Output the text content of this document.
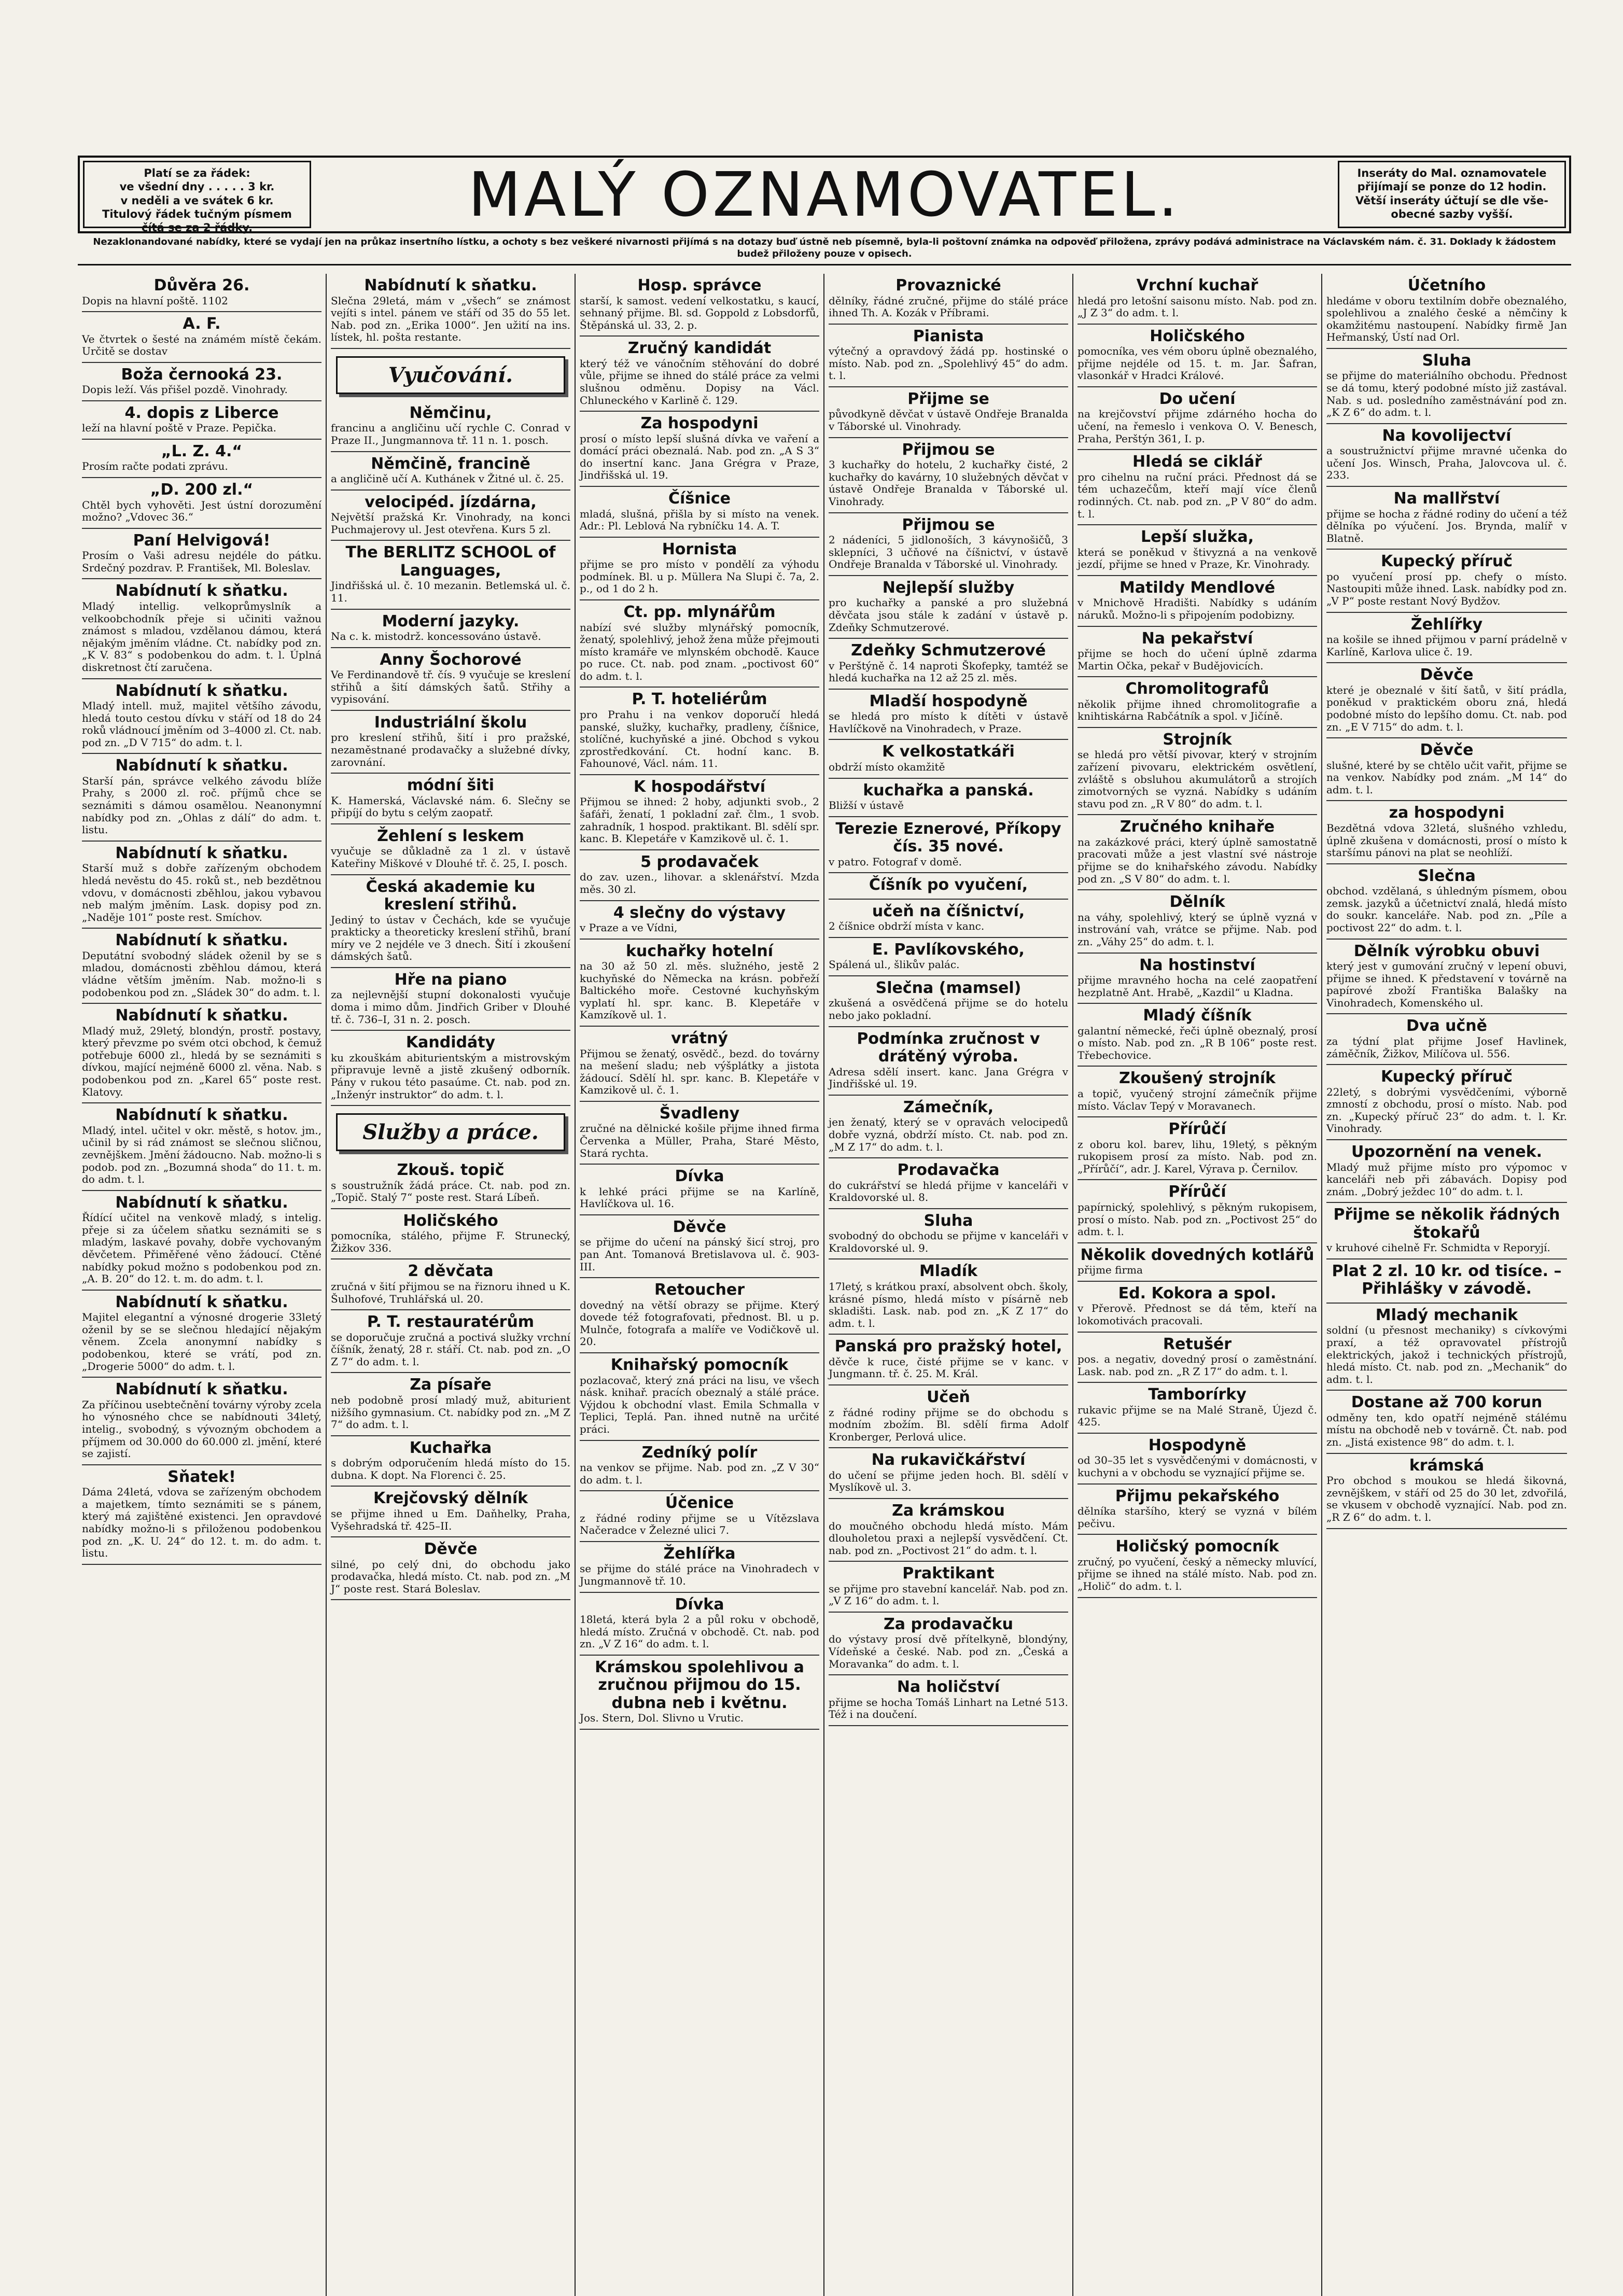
Platí se za řádek:
ve všední dny . . . . . 3 kr.
v neděli a ve svátek 6 kr.
Titulový řádek tučným písmem
čítá se za 2 řádky.	MALÝ OZNAMOVATEL.	Inseráty do Mal. oznamovatele
přijímají se ponze do 12 hodin.
Větší inseráty účtují se dle vše-
obecné sazby vyšší.
Nezaklonandované nabídky, které se vydají jen na průkaz insertního lístku, a ochoty s bez veškeré nivarnosti přijímá s na dotazy buď ústně neb písemně, byla-li poštovní známka na odpověď přiložena, zprávy podává administrace na Václavském nám. č. 31. Doklady k žádostem budež přiloženy pouze v opisech.
Důvěra 26.
Dopis na hlavní poště. 1102
A. F.
Ve čtvrtek o šesté na známém místě čekám. Určitě se dostav
Boža černooká 23.
Dopis leží. Vás přišel pozdě. Vinohrady.
4. dopis z Liberce
leží na hlavní poště v Praze. Pepička.
„L. Z. 4.“
Prosím račte podati zprávu.
„D. 200 zl.“
Chtěl bych vyhověti. Jest ústní dorozumění možno? „Vdovec 36.“
Paní Helvigová!
Prosím o Vaši adresu nejdéle do pátku. Srdečný pozdrav. P. František, Ml. Boleslav.
Nabídnutí k sňatku.
Mladý intellig. velkoprůmyslník a velkoobchodník přeje si učiniti važnou známost s mladou, vzdělanou dámou, která nějakým jměním vládne. Ct. nabídky pod zn. „K V. 83“ s podobenkou do adm. t. l. Úplná diskretnost čtí zaručena.
Nabídnutí k sňatku.
Mladý intell. muž, majitel většího závodu, hledá touto cestou dívku v stáří od 18 do 24 roků vládnoucí jměním od 3–4000 zl. Ct. nab. pod zn. „D V 715“ do adm. t. l.
Nabídnutí k sňatku.
Starší pán, správce velkého závodu blíže Prahy, s 2000 zl. roč. příjmů chce se seznámiti s dámou osamělou. Neanonymní nabídky pod zn. „Ohlas z dálí“ do adm. t. listu.
Nabídnutí k sňatku.
Starší muž s dobře zařízeným obchodem hledá nevěstu do 45. roků st., neb bezdětnou vdovu, v domácnosti zběhlou, jakou vybavou neb malým jměním. Lask. dopisy pod zn. „Naděje 101“ poste rest. Smíchov.
Nabídnutí k sňatku.
Deputátní svobodný sládek oženil by se s mladou, domácnosti zběhlou dámou, která vládne větším jměním. Nab. možno-li s podobenkou pod zn. „Sládek 30“ do adm. t. l.
Nabídnutí k sňatku.
Mladý muž, 29letý, blondýn, prostř. postavy, který převzme po svém otci obchod, k čemuž potřebuje 6000 zl., hledá by se seznámiti s dívkou, mající nejméně 6000 zl. věna. Nab. s podobenkou pod zn. „Karel 65“ poste rest. Klatovy.
Nabídnutí k sňatku.
Mladý, intel. učitel v okr. městě, s hotov. jm., učinil by si rád známost se slečnou sličnou, zevnějškem. Jmění žádoucno. Nab. možno-li s podob. pod zn. „Bozumná shoda“ do 11. t. m. do adm. t. l.
Nabídnutí k sňatku.
Řídící učitel na venkově mladý, s intelig. přeje si za účelem sňatku seznámiti se s mladým, laskavé povahy, dobře vychovaným děvčetem. Přiměřené věno žádoucí. Ctěné nabídky pokud možno s podobenkou pod zn. „A. B. 20“ do 12. t. m. do adm. t. l.
Nabídnutí k sňatku.
Majitel elegantní a výnosné drogerie 33letý oženil by se se slečnou hledající nějakým věnem. Zcela anonymní nabídky s podobenkou, které se vrátí, pod zn. „Drogerie 5000“ do adm. t. l.
Nabídnutí k sňatku.
Za příčinou usebtečnění továrny výroby zcela ho výnosného chce se nabídnouti 34letý, intelig., svobodný, s vývozným obchodem a příjmem od 30.000 do 60.000 zl. jmění, které se zajistí.
Sňatek!
Dáma 24letá, vdova se zařízeným obchodem a majetkem, tímto seznámiti se s pánem, který má zajištěné existenci. Jen opravdové nabídky možno-li s přiloženou podobenkou pod zn. „K. U. 24“ do 12. t. m. do adm. t. listu.
Nabídnutí k sňatku.
Slečna 29letá, mám v „všech“ se známost vejíti s intel. pánem ve stáří od 35 do 55 let. Nab. pod zn. „Erika 1000“. Jen užití na ins. lístek, hl. pošta restante.
Vyučování.
Němčinu,
francinu a angličinu učí rychle C. Conrad v Praze II., Jungmannova tř. 11 n. 1. posch.
Němčině, francině
a angličině učí A. Kuthánek v Žitné ul. č. 25.
velocipéd. jízdárna,
Největší pražská Kr. Vinohrady, na konci Puchmajerovy ul. Jest otevřena. Kurs 5 zl.
The BERLITZ SCHOOL of Languages,
Jindřišská ul. č. 10 mezanin. Betlemská ul. č. 11.
Moderní jazyky.
Na c. k. mistodrž. koncessováno ústavě.
Anny Šochorové
Ve Ferdinandově tř. čís. 9 vyučuje se kreslení střihů a šití dámských šatů. Střihy a vypisování.
Industriální školu
pro kreslení střihů, šití i pro pražské, nezaměstnané prodavačky a služebné dívky, zarovnání.
módní šiti
K. Hamerská, Václavské nám. 6. Slečny se připíjí do bytu s celým zaopatř.
Žehlení s leskem
vyučuje se důkladně za 1 zl. v ústavě Kateřiny Miškové v Dlouhé tř. č. 25, I. posch.
Česká akademie ku kreslení střihů.
Jediný to ústav v Čechách, kde se vyučuje prakticky a theoreticky kreslení střihů, braní míry ve 2 nejdéle ve 3 dnech. Šití i zkoušení dámských šatů.
Hře na piano
za nejlevnější stupní dokonalosti vyučuje doma i mimo dům. Jindřich Griber v Dlouhé tř. č. 736–I, 31 n. 2. posch.
Kandidáty
ku zkouškám abiturientským a mistrovským připravuje levně a jistě zkušený odborník. Pány v rukou této pasaúme. Ct. nab. pod zn. „Inženýr instruktor“ do adm. t. l.
Služby a práce.
Zkouš. topič
s soustružník žádá práce. Ct. nab. pod zn. „Topič. Stalý 7“ poste rest. Stará Líbeň.
Holičského
pomocníka, stálého, přijme F. Strunecký, Žižkov 336.
2 děvčata
zručná v šití přijmou se na řiznoru ihned u K. Šulhofové, Truhlářská ul. 20.
P. T. restauratérům
se doporučuje zručná a poctivá služky vrchní číšník, ženatý, 28 r. stáří. Ct. nab. pod zn. „O Z 7“ do adm. t. l.
Za písaře
neb podobně prosí mladý muž, abiturient nižšího gymnasium. Ct. nabídky pod zn. „M Z 7“ do adm. t. l.
Kuchařka
s dobrým odporučením hledá místo do 15. dubna. K dopt. Na Florenci č. 25.
Krejčovský dělník
se přijme ihned u Em. Daňhelky, Praha, Vyšehradská tř. 425–II.
Děvče
silné, po celý dni, do obchodu jako prodavačka, hledá místo. Ct. nab. pod zn. „M J“ poste rest. Stará Boleslav.
Hosp. správce
starší, k samost. vedení velkostatku, s kaucí, sehnaný přijme. Bl. sd. Goppold z Lobsdorfů, Štěpánská ul. 33, 2. p.
Zručný kandidát
který též ve vánočním stěhování do dobré vůle, přijme se ihned do stálé práce za velmi slušnou odměnu. Dopisy na Václ. Chluneckého v Karlině č. 129.
Za hospodyni
prosí o místo lepší slušná dívka ve vaření a domácí práci obeznalá. Nab. pod zn. „A S 3“ do insertní kanc. Jana Grégra v Praze, Jindřišská ul. 19.
Číšnice
mladá, slušná, přišla by si místo na venek. Adr.: Pl. Leblová Na rybníčku 14. A. T.
Hornista
přijme se pro místo v pondělí za výhodu podmínek. Bl. u p. Müllera Na Slupi č. 7a, 2. p., od 1 do 2 h.
Ct. pp. mlynářům
nabízí své služby mlynářský pomocník, ženatý, spolehlivý, jehož žena může přejmouti místo kramáře ve mlynském obchodě. Kauce po ruce. Ct. nab. pod znam. „poctivost 60“ do adm. t. l.
P. T. hoteliérům
pro Prahu i na venkov doporučí hledá panské, služky, kuchařky, pradleny, číšnice, stolíčné, kuchyňské a jiné. Obchod s vykou zprostředkování. Ct. hodní kanc. B. Fahounové, Václ. nám. 11.
K hospodářství
Přijmou se ihned: 2 hoby, adjunkti svob., 2 šafáři, ženatí, 1 pokladní zař. člm., 1 svob. zahradník, 1 hospod. praktikant. Bl. sdělí spr. kanc. B. Klepetáře v Kamzikově ul. č. 1.
5 prodavaček
do zav. uzen., lihovar. a sklenářství. Mzda měs. 30 zl.
4 slečny do výstavy
v Praze a ve Vídni,
kuchařky hotelní
na 30 až 50 zl. měs. služného, jestě 2 kuchyňské do Německa na krásn. pobřeží Baltického moře. Cestovné kuchyňským vyplatí hl. spr. kanc. B. Klepetáře v Kamzíkově ul. 1.
vrátný
Přijmou se ženatý, osvědč., bezd. do továrny na mešení sladu; neb výšplátky a jistota žádoucí. Sdělí hl. spr. kanc. B. Klepetáře v Kamzikově ul. č. 1.
Švadleny
zručné na dělnické košile přijme ihned firma Červenka a Müller, Praha, Staré Město, Stará rychta.
Dívka
k lehké práci přijme se na Karlíně, Havlíčkova ul. 16.
Děvče
se přijme do učení na pánský šicí stroj, pro pan Ant. Tomanová Bretislavova ul. č. 903-III.
Retoucher
dovedný na větší obrazy se přijme. Který dovede též fotografovati, přednost. Bl. u p. Mulnče, fotografa a malíře ve Vodičkově ul. 20.
Knihařský pomocník
pozlacovač, který zná práci na lisu, ve všech násk. knihař. pracích obeznalý a stálé práce. Výjdou k obchodní vlast. Emila Schmalla v Teplici, Teplá. Pan. ihned nutně na určité práci.
Zedníký polír
na venkov se přijme. Nab. pod zn. „Z V 30“ do adm. t. l.
Účenice
z řádné rodiny přijme se u Vítězslava Načeradce v Železné ulici 7.
Žehlířka
se přijme do stálé práce na Vinohradech v Jungmannově tř. 10.
Dívka
18letá, která byla 2 a půl roku v obchodě, hledá místo. Zručná v obchodě. Ct. nab. pod zn. „V Z 16“ do adm. t. l.
Krámskou spolehlivou a zručnou přijmou do 15. dubna neb i květnu.
Jos. Stern, Dol. Slivno u Vrutic.
Provaznické
dělníky, řádné zručné, přijme do stálé práce ihned Th. A. Kozák v Příbrami.
Pianista
výtečný a opravdový žádá pp. hostinské o místo. Nab. pod zn. „Spolehlivý 45“ do adm. t. l.
Přijme se
původkyně děvčat v ústavě Ondřeje Branalda v Táborské ul. Vinohrady.
Přijmou se
3 kuchařky do hotelu, 2 kuchařky čisté, 2 kuchařky do kavárny, 10 služebných děvčat v ústavě Ondřeje Branalda v Táborské ul. Vinohrady.
Přijmou se
2 nádeníci, 5 jidlonoších, 3 kávynošičů, 3 sklepníci, 3 učňové na číšnictví, v ústavě Ondřeje Branalda v Táborské ul. Vinohrady.
Nejlepší služby
pro kuchařky a panské a pro služebná děvčata jsou stále k zadání v ústavě p. Zdeňky Schmutzerové.
Zdeňky Schmutzerové
v Perštýně č. 14 naproti Škofepky, tamtéž se hledá kuchařka na 12 až 25 zl. měs.
Mladší hospodyně
se hledá pro místo k dítěti v ústavě Havlíčkově na Vinohradech, v Praze.
K velkostatkáři
obdrží místo okamžitě
kuchařka a panská.
Bližší v ústavě
Terezie Eznerové, Příkopy čís. 35 nové.
v patro. Fotograf v domě.
Číšník po vyučení,
učeň na číšnictví,
2 číšnice obdrží místa v kanc.
E. Pavlíkovského,
Spálená ul., šlikův palác.
Slečna (mamsel)
zkušená a osvědčená přijme se do hotelu nebo jako pokladní.
Podmínka zručnost v drátěný výroba.
Adresa sdělí insert. kanc. Jana Grégra v Jindřišské ul. 19.
Zámečník,
jen ženatý, který se v opravách velocipedů dobře vyzná, obdrží místo. Ct. nab. pod zn. „M Z 17“ do adm. t. l.
Prodavačka
do cukrářství se hledá přijme v kanceláři v Kraldovorské ul. 8.
Sluha
svobodný do obchodu se přijme v kanceláři v Kraldovorské ul. 9.
Mladík
17letý, s krátkou praxí, absolvent obch. školy, krásné písmo, hledá místo v písárně neb skladišti. Lask. nab. pod zn. „K Z 17“ do adm. t. l.
Panská pro pražský hotel,
děvče k ruce, čisté přijme se v kanc. v Jungmann. tř. č. 25. M. Král.
Učeň
z řádné rodiny přijme se do obchodu s modním zbožím. Bl. sdělí firma Adolf Kronberger, Perlová ulice.
Na rukavičkářství
do učení se přijme jeden hoch. Bl. sdělí v Myslíkově ul. 3.
Za krámskou
do moučného obchodu hledá místo. Mám dlouholetou praxi a nejlepší vysvědčení. Ct. nab. pod zn. „Poctivost 21“ do adm. t. l.
Praktikant
se přijme pro stavební kancelář. Nab. pod zn. „V Z 16“ do adm. t. l.
Za prodavačku
do výstavy prosí dvě přítelkyně, blondýny, Vídeňské a české. Nab. pod zn. „Česká a Moravanka“ do adm. t. l.
Na holičství
přijme se hocha Tomáš Linhart na Letné 513. Též i na doučení.
Vrchní kuchař
hledá pro letošní saisonu místo. Nab. pod zn. „J Z 3“ do adm. t. l.
Holičského
pomocníka, ves vém oboru úplně obeznalého, přijme nejdéle od 15. t. m. Jar. Šafran, vlasonkář v Hradci Králové.
Do učení
na krejčovství přijme zdárného hocha do učení, na řemeslo i venkova O. V. Benesch, Praha, Perštýn 361, I. p.
Hledá se ciklář
pro cihelnu na ruční práci. Přednost dá se tém uchazečům, kteří mají více členů rodinných. Ct. nab. pod zn. „P V 80“ do adm. t. l.
Lepší služka,
která se poněkud v štivyzná a na venkově jezdí, přijme se hned v Praze, Kr. Vinohrady.
Matildy Mendlové
v Mnichově Hradišti. Nabídky s udáním náruků. Možno-li s připojením podobizny.
Na pekařství
přijme se hoch do učení úplně zdarma Martin Očka, pekař v Budějovicích.
Chromolitografů
několik přijme ihned chromolitografie a knihtiskárna Rabčátník a spol. v Jičíně.
Strojník
se hledá pro větší pivovar, který v strojním zařízení pivovaru, elektrickém osvětlení, zvláště s obsluhou akumulátorů a strojích zimotvorných se vyzná. Nabídky s udáním stavu pod zn. „R V 80“ do adm. t. l.
Zručného knihaře
na zakázkové práci, který úplně samostatně pracovati může a jest vlastní své nástroje přijme se do knihařského závodu. Nabídky pod zn. „S V 80“ do adm. t. l.
Dělník
na váhy, spolehlivý, který se úplně vyzná v instrování vah, vrátce se přijme. Nab. pod zn. „Váhy 25“ do adm. t. l.
Na hostinství
přijme mravného hocha na celé zaopatření hezplatně Ant. Hrabě, „Kazdil“ u Kladna.
Mladý číšník
galantní německé, řeči úplně obeznalý, prosí o místo. Nab. pod zn. „R B 106“ poste rest. Třebechovice.
Zkoušený strojník
a topič, vyučený strojní zámečník přijme místo. Václav Tepý v Moravanech.
Přírůčí
z oboru kol. barev, lihu, 19letý, s pěkným rukopisem prosí za místo. Nab. pod zn. „Přírůčí“, adr. J. Karel, Výrava p. Černilov.
Přírůčí
papírnický, spolehlivý, s pěkným rukopisem, prosí o místo. Nab. pod zn. „Poctivost 25“ do adm. t. l.
Několik dovedných kotlářů
přijme firma
Ed. Kokora a spol.
v Přerově. Přednost se dá těm, kteří na lokomotivách pracovali.
Retušér
pos. a negativ, dovedný prosí o zaměstnání. Lask. nab. pod zn. „R Z 17“ do adm. t. l.
Tamborírky
rukavic přijme se na Malé Straně, Újezd č. 425.
Hospodyně
od 30–35 let s vysvědčenými v domácnosti, v kuchyni a v obchodu se vyznající přijme se.
Přijmu pekařského
dělníka staršího, který se vyzná v bílém pečivu.
Holičský pomocník
zručný, po vyučení, český a německy mluvící, přijme se ihned na stálé místo. Nab. pod zn. „Holič“ do adm. t. l.
Účetního
hledáme v oboru textilním dobře obeznalého, spolehlivou a znalého české a němčiny k okamžitému nastoupení. Nabídky firmě Jan Heřmanský, Ústí nad Orl.
Sluha
se přijme do materiálního obchodu. Přednost se dá tomu, který podobné místo již zastával. Nab. s ud. posledního zaměstnávání pod zn. „K Z 6“ do adm. t. l.
Na kovolijectví
a soustružnictví přijme mravné učenka do učení Jos. Winsch, Praha, Jalovcova ul. č. 233.
Na mallřství
přijme se hocha z řádné rodiny do učení a též dělníka po výučení. Jos. Brynda, malíř v Blatně.
Kupecký příruč
po vyučení prosí pp. chefy o místo. Nastoupiti může ihned. Lask. nabídky pod zn. „V P“ poste restant Nový Bydžov.
Žehlířky
na košile se ihned přijmou v parní prádelně v Karlíně, Karlova ulice č. 19.
Děvče
které je obeznalé v šití šatů, v šití prádla, poněkud v praktickém oboru zná, hledá podobné místo do lepšího domu. Ct. nab. pod zn. „E V 715“ do adm. t. l.
Děvče
slušné, které by se chtělo učit vařit, přijme se na venkov. Nabídky pod znám. „M 14“ do adm. t. l.
za hospodyni
Bezdětná vdova 32letá, slušného vzhledu, úplně zkušena v domácnosti, prosí o místo k staršímu pánovi na plat se neohlíží.
Slečna
obchod. vzdělaná, s úhledným písmem, obou zemsk. jazyků a účetnictví znalá, hledá místo do soukr. kanceláře. Nab. pod zn. „Píle a poctivost 22“ do adm. t. l.
Dělník výrobku obuvi
který jest v gumování zručný v lepení obuvi, přijme se ihned. K představení v továrně na papírové zboží Františka Balašky na Vinohradech, Komenského ul.
Dva učně
za týdní plat přijme Josef Havlinek, záměčník, Žižkov, Milíčova ul. 556.
Kupecký příruč
22letý, s dobrými vysvědčeními, výborně zmností z obchodu, prosí o místo. Nab. pod zn. „Kupecký příruč 23“ do adm. t. l. Kr. Vinohrady.
Upozornění na venek.
Mladý muž přijme místo pro výpomoc v kanceláři neb při zábavách. Dopisy pod znám. „Dobrý ježdec 10“ do adm. t. l.
Přijme se několik řádných štokařů
v kruhové cihelně Fr. Schmidta v Reporyjí.
Plat 2 zl. 10 kr. od tisíce. – Přihlášky v závodě.
Mladý mechanik
soldní (u přesnost mechaniky) s cívkovými praxí, a též opravovatel přístrojů elektrických, jakož i technických přístrojů, hledá místo. Ct. nab. pod zn. „Mechanik“ do adm. t. l.
Dostane až 700 korun
odměny ten, kdo opatří nejméně stálému místu na obchodě neb v továrně. Čt. nab. pod zn. „Jistá existence 98“ do adm. t. l.
krámská
Pro obchod s moukou se hledá šikovná, zevnějškem, v stáří od 25 do 30 let, zdvořilá, se vkusem v obchodě vyznající. Nab. pod zn. „R Z 6“ do adm. t. l.
